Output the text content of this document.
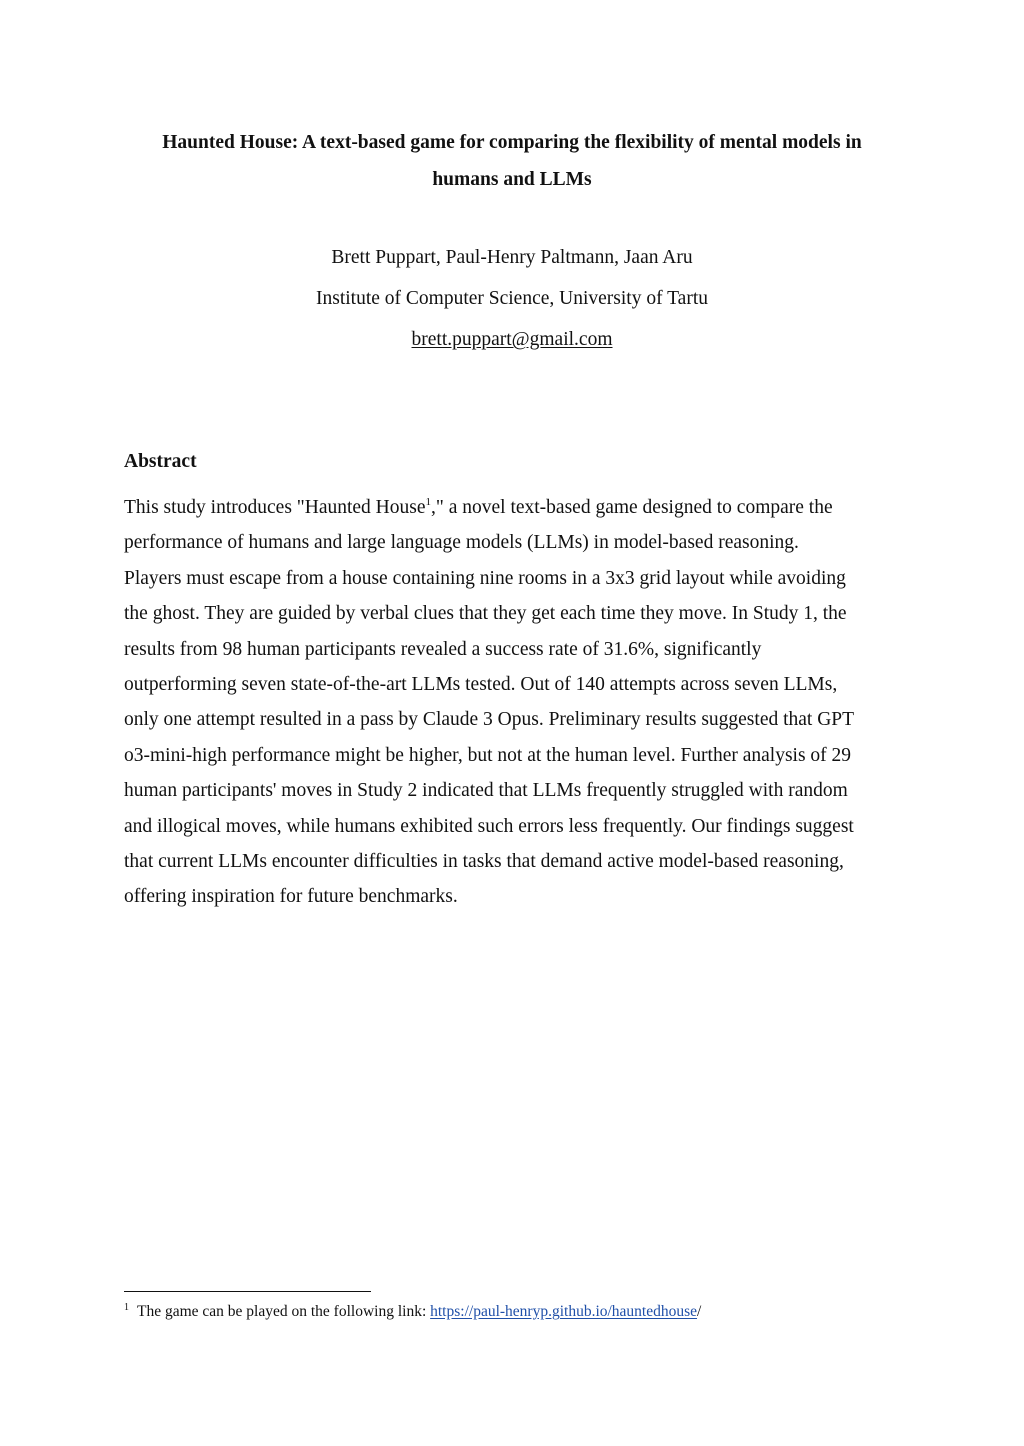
Haunted House: A text-based game for comparing the flexibility of mental models in
humans and LLMs
Brett Puppart, Paul-Henry Paltmann, Jaan Aru
Institute of Computer Science, University of Tartu
brett.puppart@gmail.com
Abstract
This study introduces "Haunted House$^1$," a novel text-based game designed to compare the
performance of humans and large language models (LLMs) in model-based reasoning.
Players must escape from a house containing nine rooms in a 3x3 grid layout while avoiding
the ghost. They are guided by verbal clues that they get each time they move. In Study 1, the
results from 98 human participants revealed a success rate of 31.6%, significantly
outperforming seven state-of-the-art LLMs tested. Out of 140 attempts across seven LLMs,
only one attempt resulted in a pass by Claude 3 Opus. Preliminary results suggested that GPT
o3-mini-high performance might be higher, but not at the human level. Further analysis of 29
human participants' moves in Study 2 indicated that LLMs frequently struggled with random
and illogical moves, while humans exhibited such errors less frequently. Our findings suggest
that current LLMs encounter difficulties in tasks that demand active model-based reasoning,
offering inspiration for future benchmarks.
$^1$ The game can be played on the following link: https://paul-henryp.github.io/hauntedhouse/
